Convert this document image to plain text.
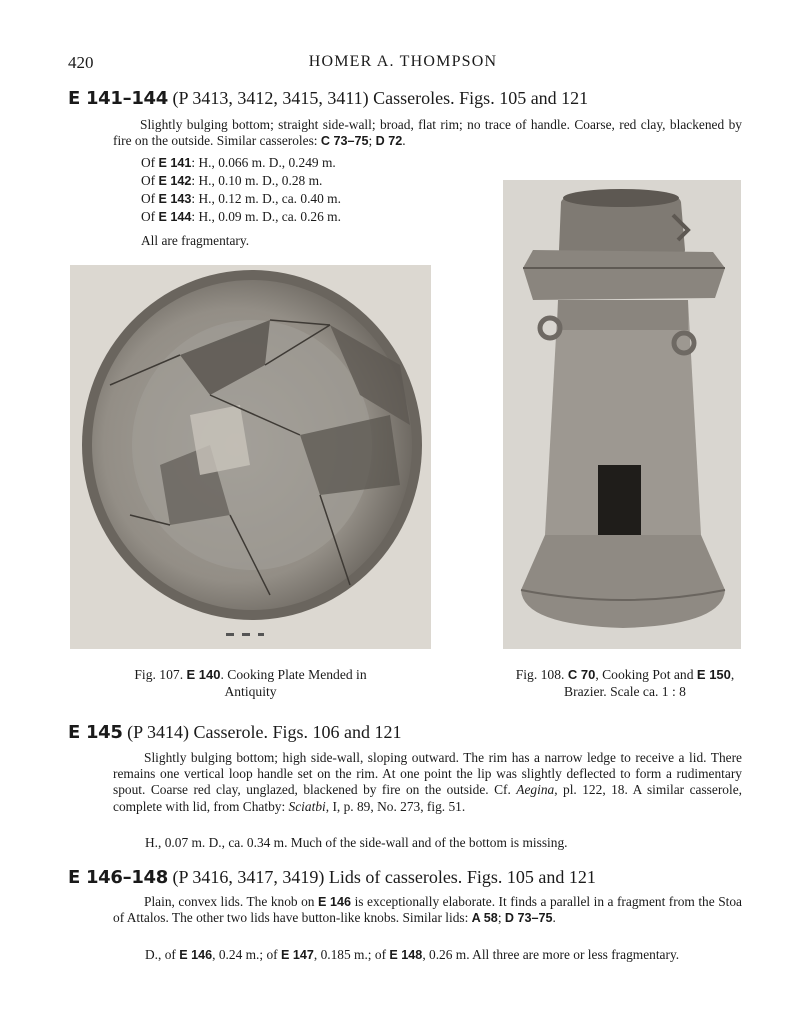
420	HOMER A. THOMPSON
E 141–144 (P 3413, 3412, 3415, 3411) Casseroles. Figs. 105 and 121
Slightly bulging bottom; straight side-wall; broad, flat rim; no trace of handle. Coarse, red clay, blackened by fire on the outside. Similar casseroles: C 73–75; D 72.
Of E 141: H., 0.066 m. D., 0.249 m.
Of E 142: H., 0.10 m. D., 0.28 m.
Of E 143: H., 0.12 m. D., ca. 0.40 m.
Of E 144: H., 0.09 m. D., ca. 0.26 m.
All are fragmentary.
Fig. 107. E 140. Cooking Plate Mended in
Antiquity
Fig. 108. C 70, Cooking Pot and E 150,
Brazier. Scale ca. 1 : 8
E 145 (P 3414) Casserole. Figs. 106 and 121
Slightly bulging bottom; high side-wall, sloping outward. The rim has a narrow ledge to receive a lid. There remains one vertical loop handle set on the rim. At one point the lip was slightly deflected to form a rudimentary spout. Coarse red clay, unglazed, blackened by fire on the outside. Cf. Aegina, pl. 122, 18. A similar casserole, complete with lid, from Chatby: Sciatbi, I, p. 89, No. 273, fig. 51.
H., 0.07 m. D., ca. 0.34 m. Much of the side-wall and of the bottom is missing.
E 146–148 (P 3416, 3417, 3419) Lids of casseroles. Figs. 105 and 121
Plain, convex lids. The knob on E 146 is exceptionally elaborate. It finds a parallel in a fragment from the Stoa of Attalos. The other two lids have button-like knobs. Similar lids: A 58; D 73–75.
D., of E 146, 0.24 m.; of E 147, 0.185 m.; of E 148, 0.26 m. All three are more or less fragmentary.
